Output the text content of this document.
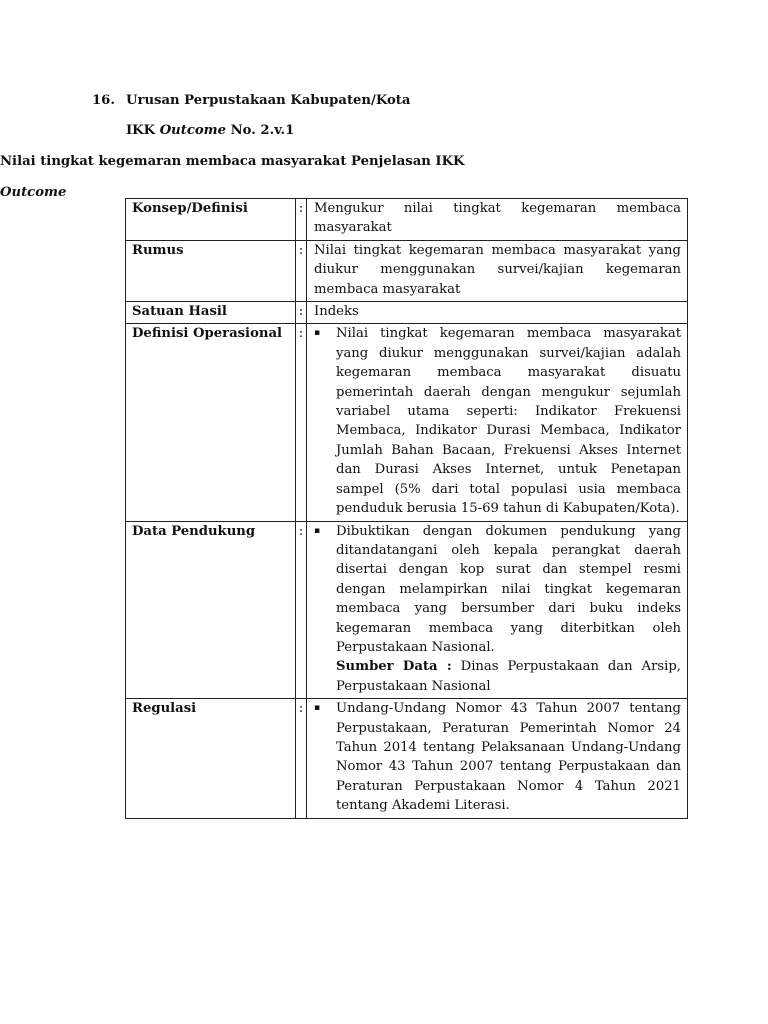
16. Urusan Perpustakaan Kabupaten/Kota
IKK Outcome No. 2.v.1
Nilai tingkat kegemaran membaca masyarakat Penjelasan IKK
Outcome
Konsep/Definisi	:	Mengukur nilai tingkat kegemaran membaca masyarakat
Rumus	:	Nilai tingkat kegemaran membaca masyarakat yang diukur menggunakan survei/kajian kegemaran membaca masyarakat
Satuan Hasil	:	Indeks
Definisi Operasional	:	▪ Nilai tingkat kegemaran membaca masyarakat yang diukur menggunakan survei/kajian adalah kegemaran membaca masyarakat disuatu pemerintah daerah dengan mengukur sejumlah variabel utama seperti: Indikator Frekuensi Membaca, Indikator Durasi Membaca, Indikator Jumlah Bahan Bacaan, Frekuensi Akses Internet dan Durasi Akses Internet, untuk Penetapan sampel (5% dari total populasi usia membaca penduduk berusia 15-69 tahun di Kabupaten/Kota).

Data Pendukung	:	▪ Dibuktikan dengan dokumen pendukung yang ditandatangani oleh kepala perangkat daerah disertai dengan kop surat dan stempel resmi dengan melampirkan nilai tingkat kegemaran membaca yang bersumber dari buku indeks kegemaran membaca yang diterbitkan oleh Perpustakaan Nasional.
Sumber Data : Dinas Perpustakaan dan Arsip, Perpustakaan Nasional

Regulasi	:	▪ Undang-Undang Nomor 43 Tahun 2007 tentang Perpustakaan, Peraturan Pemerintah Nomor 24 Tahun 2014 tentang Pelaksanaan Undang-Undang Nomor 43 Tahun 2007 tentang Perpustakaan dan Peraturan Perpustakaan Nomor 4 Tahun 2021 tentang Akademi Literasi.
